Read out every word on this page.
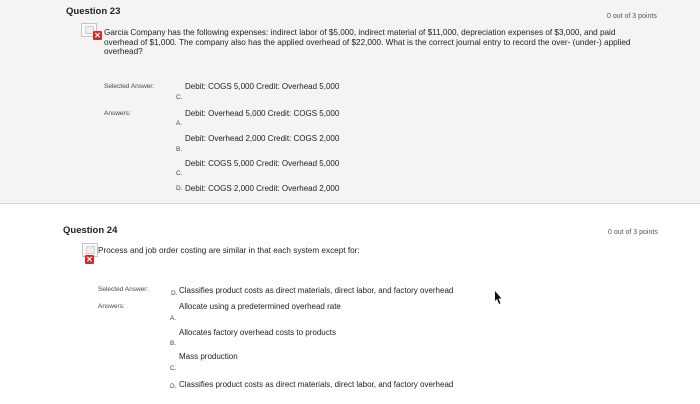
Question 23	0 out of 3 points
✕ Garcia Company has the following expenses: indirect labor of $5,000, indirect material of $11,000, depreciation expenses of $3,000, and paid
overhead of $1,000. The company also has the applied overhead of $22,000. What is the correct journal entry to record the over- (under-) applied
overhead?
Selected Answer:	Debit: COGS 5,000 Credit: Overhead 5,000
C.
Answers:	Debit: Overhead 5,000 Credit: COGS 5,000
A.
Debit: Overhead 2,000 Credit: COGS 2,000
B.
Debit: COGS 5,000 Credit: Overhead 5,000
C.
D. Debit: COGS 2,000 Credit: Overhead 2,000
Question 24	0 out of 3 points
✕
Process and job order costing are similar in that each system except for:
Selected Answer:
D. Classifies product costs as direct materials, direct labor, and factory overhead
Answers:	Allocate using a predetermined overhead rate
A.
Allocates factory overhead costs to products
B.
Mass production
C.
D. Classifies product costs as direct materials, direct labor, and factory overhead
